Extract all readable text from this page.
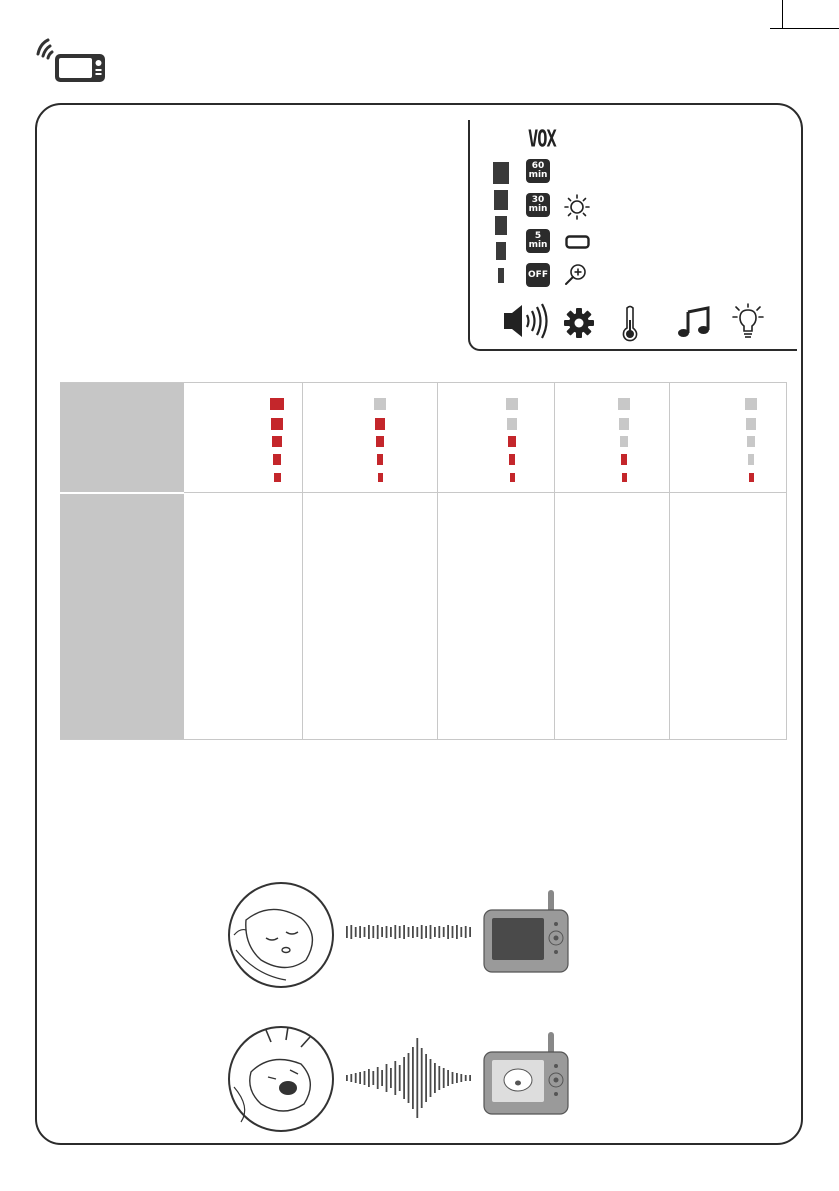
VOX
60
min
30
min
5
min
OFF
